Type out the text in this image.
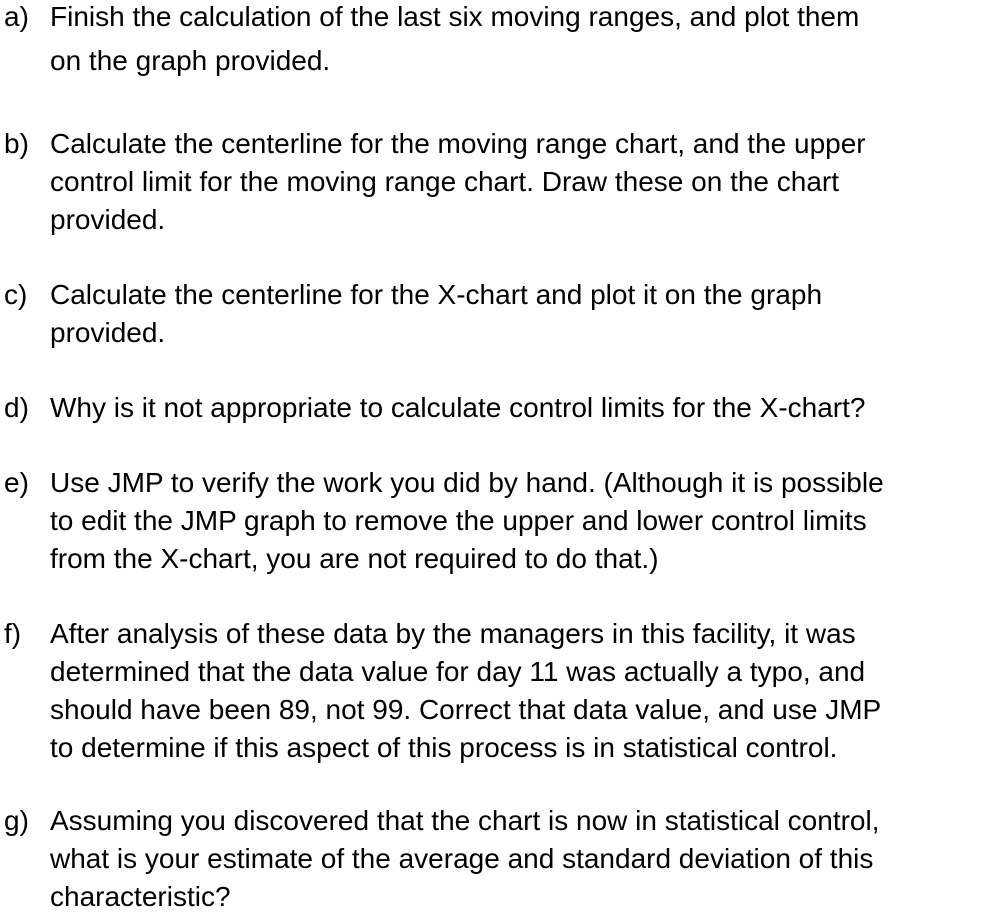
a) Finish the calculation of the last six moving ranges, and plot them
on the graph provided.
b) Calculate the centerline for the moving range chart, and the upper
control limit for the moving range chart. Draw these on the chart
provided.
c) Calculate the centerline for the X-chart and plot it on the graph
provided.
d) Why is it not appropriate to calculate control limits for the X-chart?
e) Use JMP to verify the work you did by hand. (Although it is possible
to edit the JMP graph to remove the upper and lower control limits
from the X-chart, you are not required to do that.)
f) After analysis of these data by the managers in this facility, it was
determined that the data value for day 11 was actually a typo, and
should have been 89, not 99. Correct that data value, and use JMP
to determine if this aspect of this process is in statistical control.
g) Assuming you discovered that the chart is now in statistical control,
what is your estimate of the average and standard deviation of this
characteristic?
